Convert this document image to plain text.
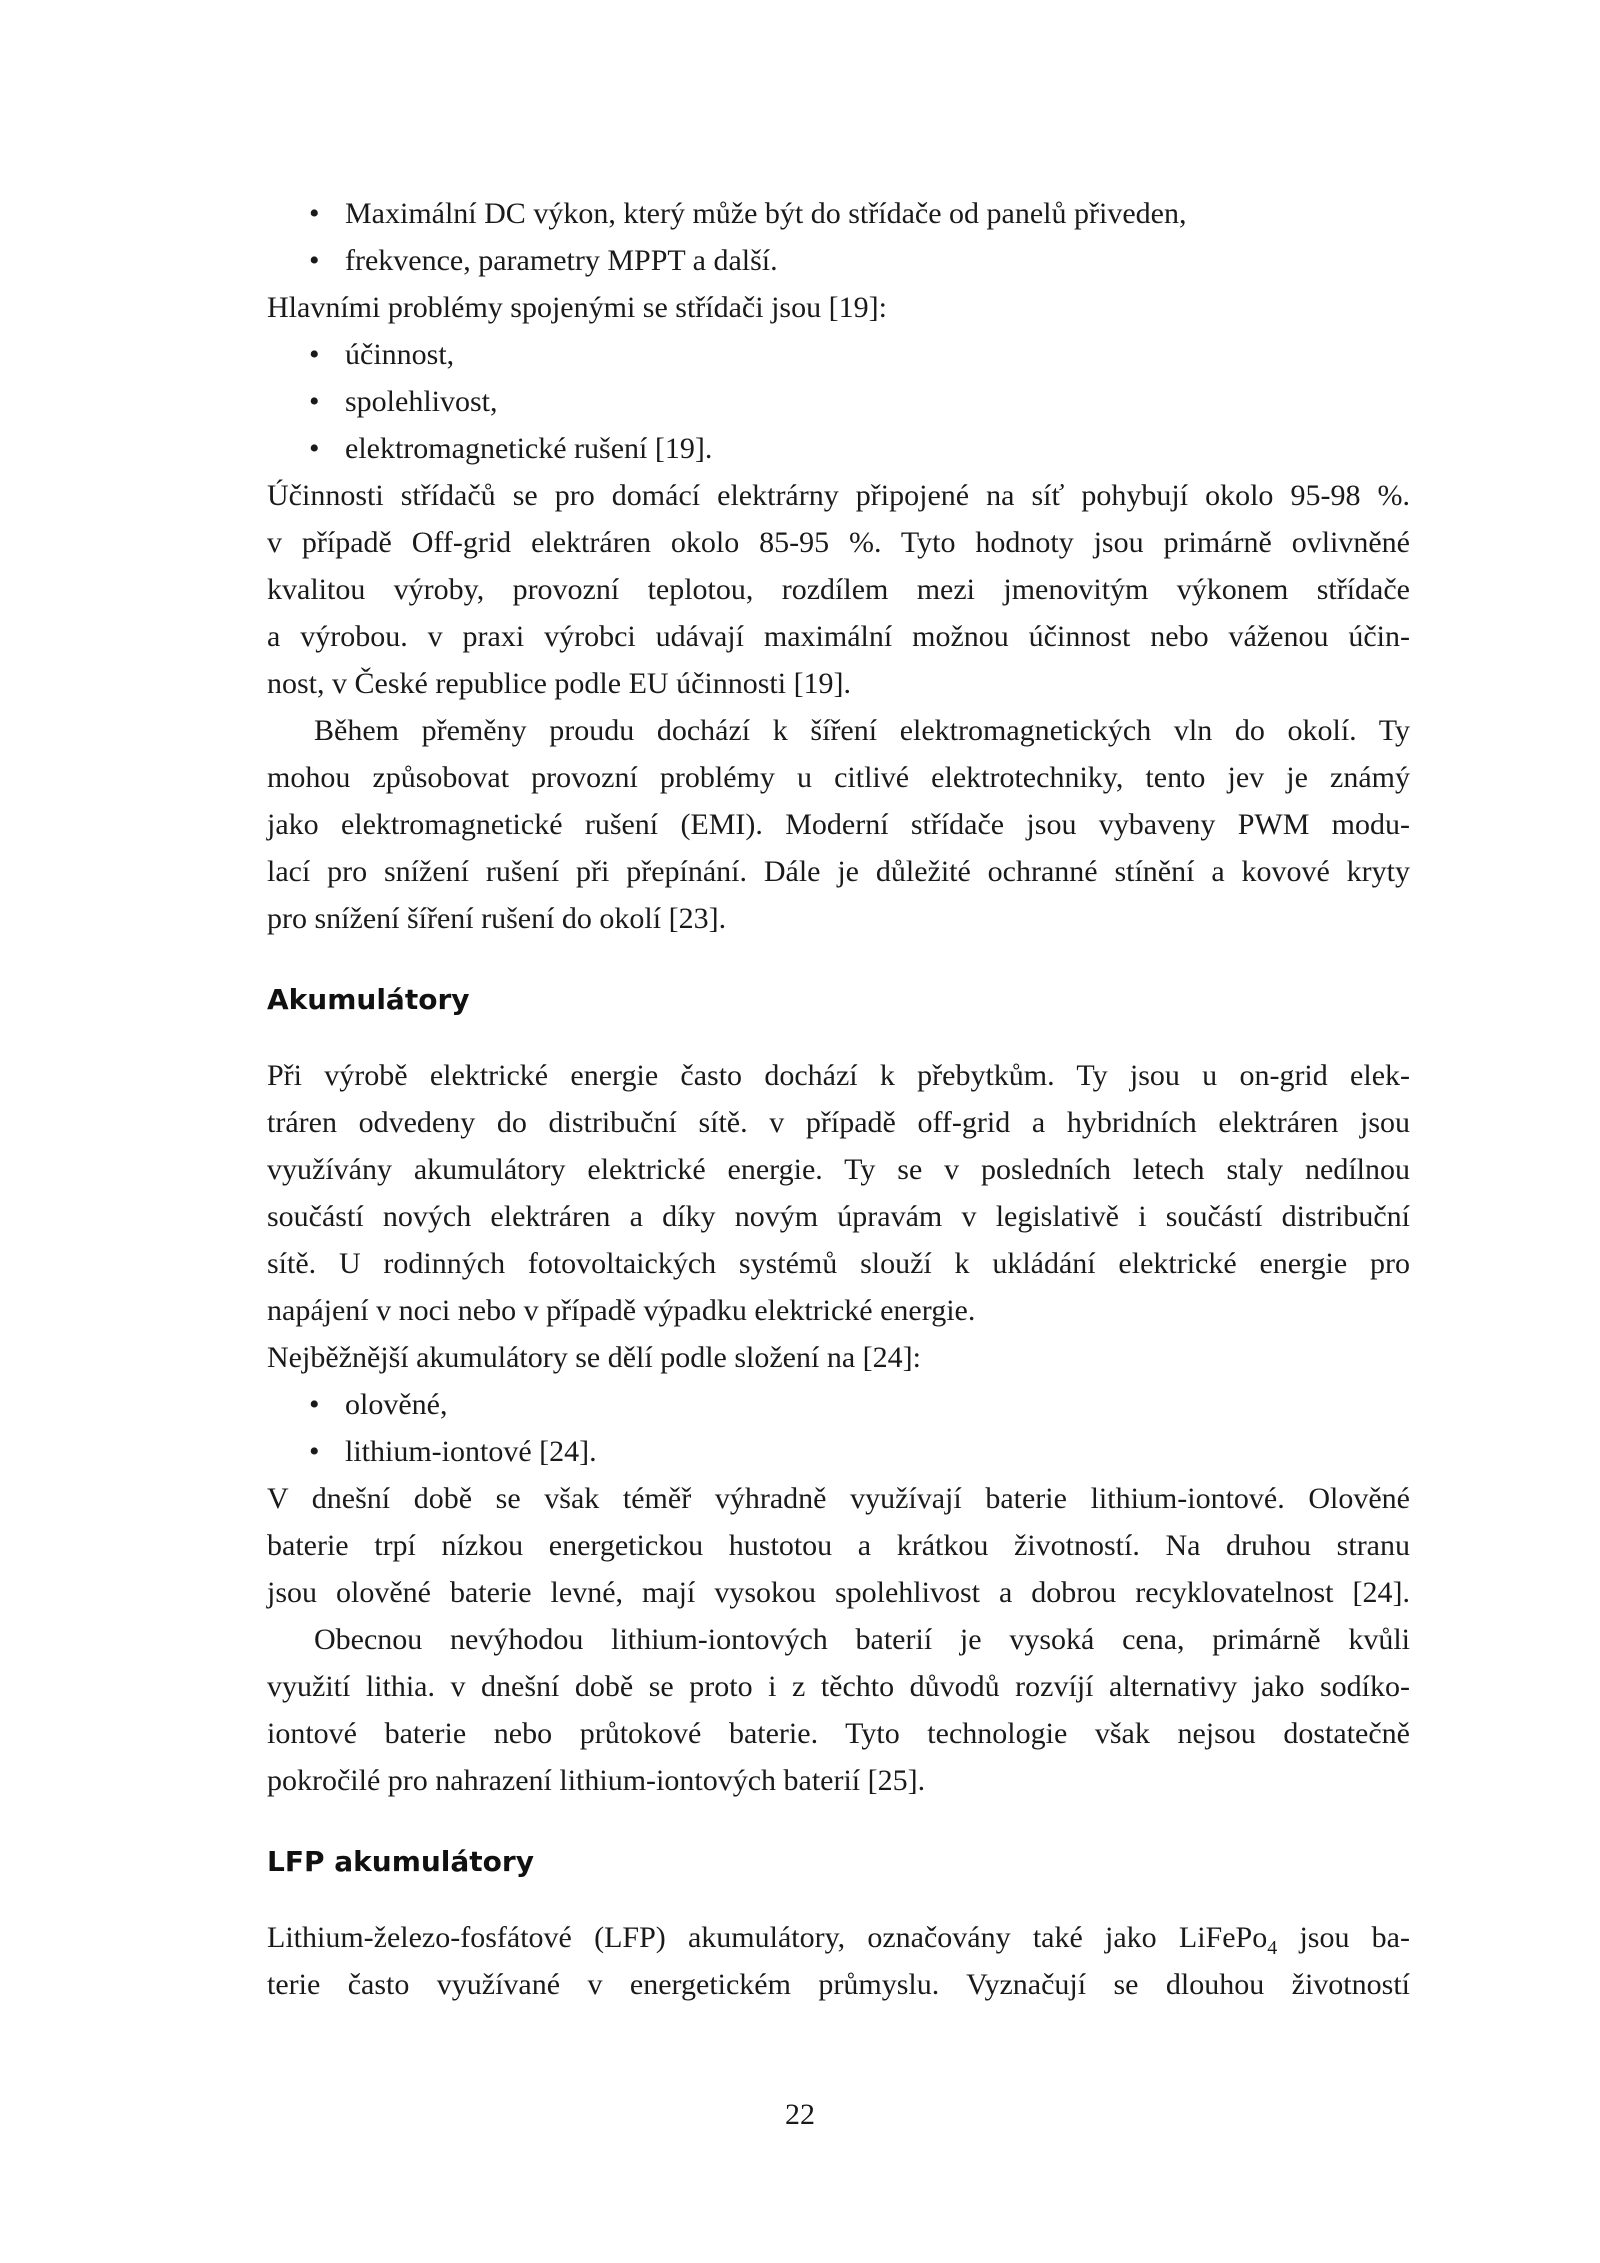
• Maximální DC výkon, který může být do střídače od panelů přiveden,
• frekvence, parametry MPPT a další.
Hlavními problémy spojenými se střídači jsou [19]:
• účinnost,
• spolehlivost,
• elektromagnetické rušení [19].
Účinnosti střídačů se pro domácí elektrárny připojené na síť pohybují okolo 95-98 %.
v případě Off-grid elektráren okolo 85-95 %. Tyto hodnoty jsou primárně ovlivněné
kvalitou výroby, provozní teplotou, rozdílem mezi jmenovitým výkonem střídače
a výrobou. v praxi výrobci udávají maximální možnou účinnost nebo váženou účin-
nost, v České republice podle EU účinnosti [19].
Během přeměny proudu dochází k šíření elektromagnetických vln do okolí. Ty
mohou způsobovat provozní problémy u citlivé elektrotechniky, tento jev je známý
jako elektromagnetické rušení (EMI). Moderní střídače jsou vybaveny PWM modu-
lací pro snížení rušení při přepínání. Dále je důležité ochranné stínění a kovové kryty
pro snížení šíření rušení do okolí [23].
Akumulátory
Při výrobě elektrické energie často dochází k přebytkům. Ty jsou u on-grid elek-
tráren odvedeny do distribuční sítě. v případě off-grid a hybridních elektráren jsou
využívány akumulátory elektrické energie. Ty se v posledních letech staly nedílnou
součástí nových elektráren a díky novým úpravám v legislativě i součástí distribuční
sítě. U rodinných fotovoltaických systémů slouží k ukládání elektrické energie pro
napájení v noci nebo v případě výpadku elektrické energie.
Nejběžnější akumulátory se dělí podle složení na [24]:
• olověné,
• lithium-iontové [24].
V dnešní době se však téměř výhradně využívají baterie lithium-iontové. Olověné
baterie trpí nízkou energetickou hustotou a krátkou životností. Na druhou stranu
jsou olověné baterie levné, mají vysokou spolehlivost a dobrou recyklovatelnost [24].
Obecnou nevýhodou lithium-iontových baterií je vysoká cena, primárně kvůli
využití lithia. v dnešní době se proto i z těchto důvodů rozvíjí alternativy jako sodíko-
iontové baterie nebo průtokové baterie. Tyto technologie však nejsou dostatečně
pokročilé pro nahrazení lithium-iontových baterií [25].
LFP akumulátory
Lithium-železo-fosfátové (LFP) akumulátory, označovány také jako LiFePo$_4$ jsou ba-
terie často využívané v energetickém průmyslu. Vyznačují se dlouhou životností
22
